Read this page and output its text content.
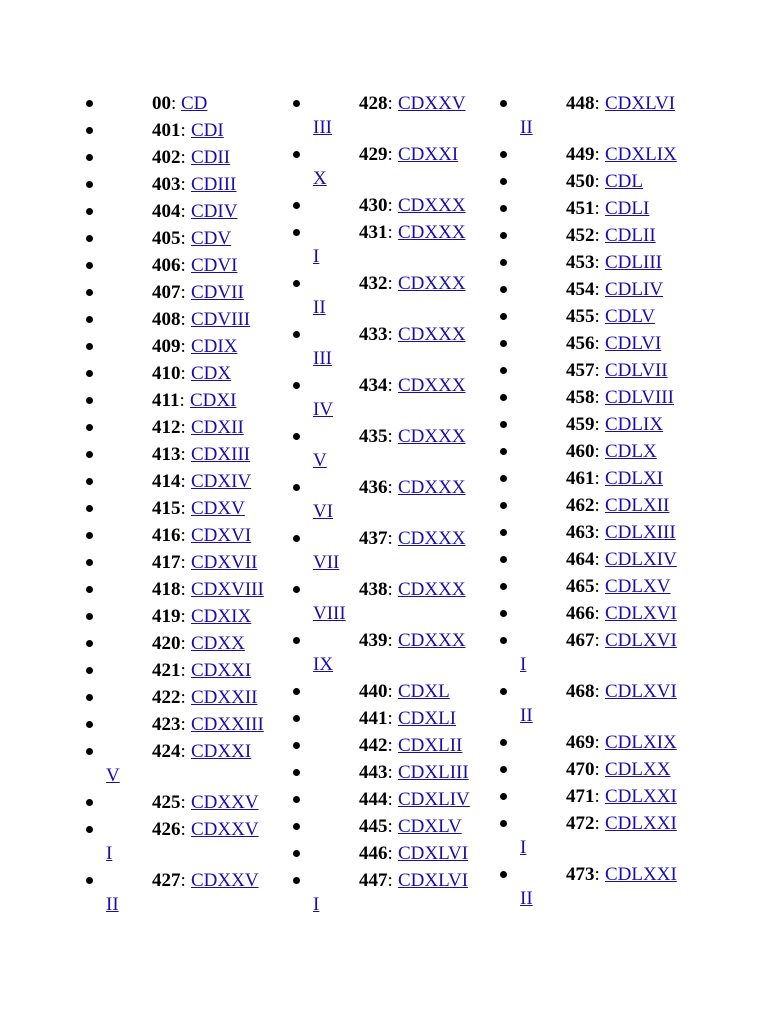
00: CD
401: CDI
402: CDII
403: CDIII
404: CDIV
405: CDV
406: CDVI
407: CDVII
408: CDVIII
409: CDIX
410: CDX
411: CDXI
412: CDXII
413: CDXIII
414: CDXIV
415: CDXV
416: CDXVI
417: CDXVII
418: CDXVIII
419: CDXIX
420: CDXX
421: CDXXI
422: CDXXII
423: CDXXIII
424: CDXXI
V
425: CDXXV
426: CDXXV
I
427: CDXXV
II
428: CDXXV
III
429: CDXXI
X
430: CDXXX
431: CDXXX
I
432: CDXXX
II
433: CDXXX
III
434: CDXXX
IV
435: CDXXX
V
436: CDXXX
VI
437: CDXXX
VII
438: CDXXX
VIII
439: CDXXX
IX
440: CDXL
441: CDXLI
442: CDXLII
443: CDXLIII
444: CDXLIV
445: CDXLV
446: CDXLVI
447: CDXLVI
I
448: CDXLVI
II
449: CDXLIX
450: CDL
451: CDLI
452: CDLII
453: CDLIII
454: CDLIV
455: CDLV
456: CDLVI
457: CDLVII
458: CDLVIII
459: CDLIX
460: CDLX
461: CDLXI
462: CDLXII
463: CDLXIII
464: CDLXIV
465: CDLXV
466: CDLXVI
467: CDLXVI
I
468: CDLXVI
II
469: CDLXIX
470: CDLXX
471: CDLXXI
472: CDLXXI
I
473: CDLXXI
II
